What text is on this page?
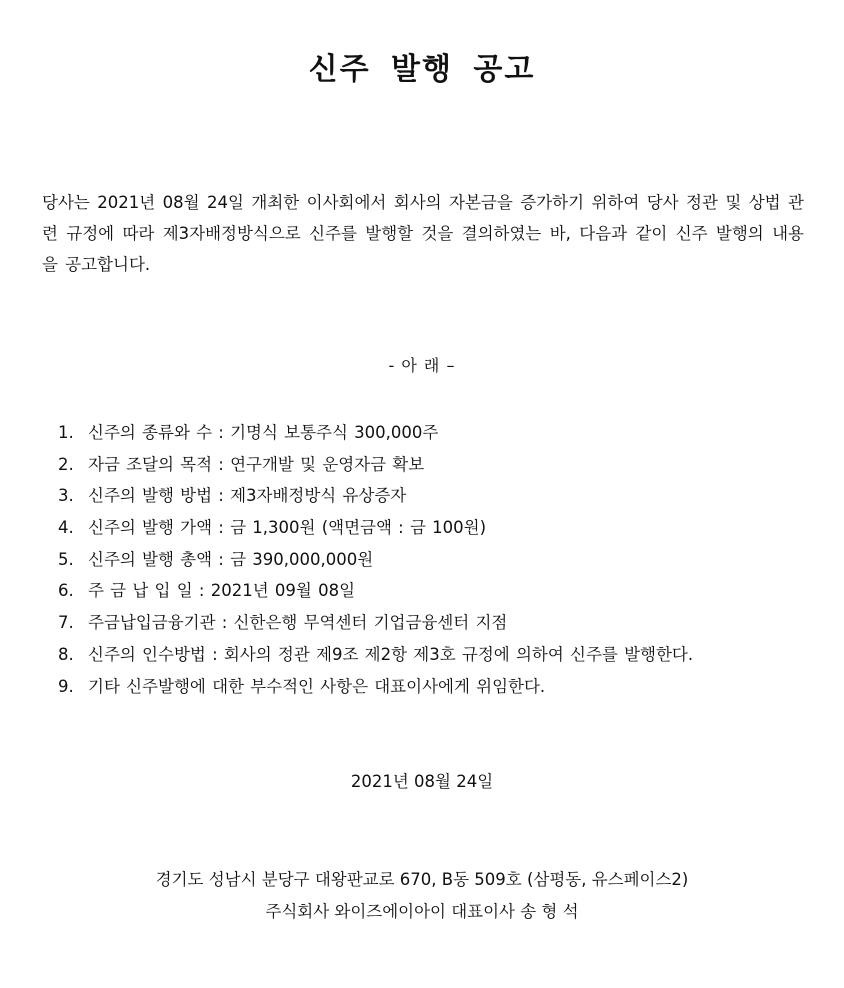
신주 발행 공고
당사는 2021년 08월 24일 개최한 이사회에서 회사의 자본금을 증가하기 위하여 당사 정관 및 상법 관련 규정에 따라 제3자배정방식으로 신주를 발행할 것을 결의하였는 바, 다음과 같이 신주 발행의 내용을 공고합니다.
- 아 래 –
1. 신주의 종류와 수 : 기명식 보통주식 300,000주
2. 자금 조달의 목적 : 연구개발 및 운영자금 확보
3. 신주의 발행 방법 : 제3자배정방식 유상증자
4. 신주의 발행 가액 : 금 1,300원 (액면금액 : 금 100원)
5. 신주의 발행 총액 : 금 390,000,000원
6. 주 금 납 입 일 : 2021년 09월 08일
7. 주금납입금융기관 : 신한은행 무역센터 기업금융센터 지점
8. 신주의 인수방법 : 회사의 정관 제9조 제2항 제3호 규정에 의하여 신주를 발행한다.
9. 기타 신주발행에 대한 부수적인 사항은 대표이사에게 위임한다.
2021년 08월 24일
경기도 성남시 분당구 대왕판교로 670, B동 509호 (삼평동, 유스페이스2)
주식회사 와이즈에이아이 대표이사 송 형 석
